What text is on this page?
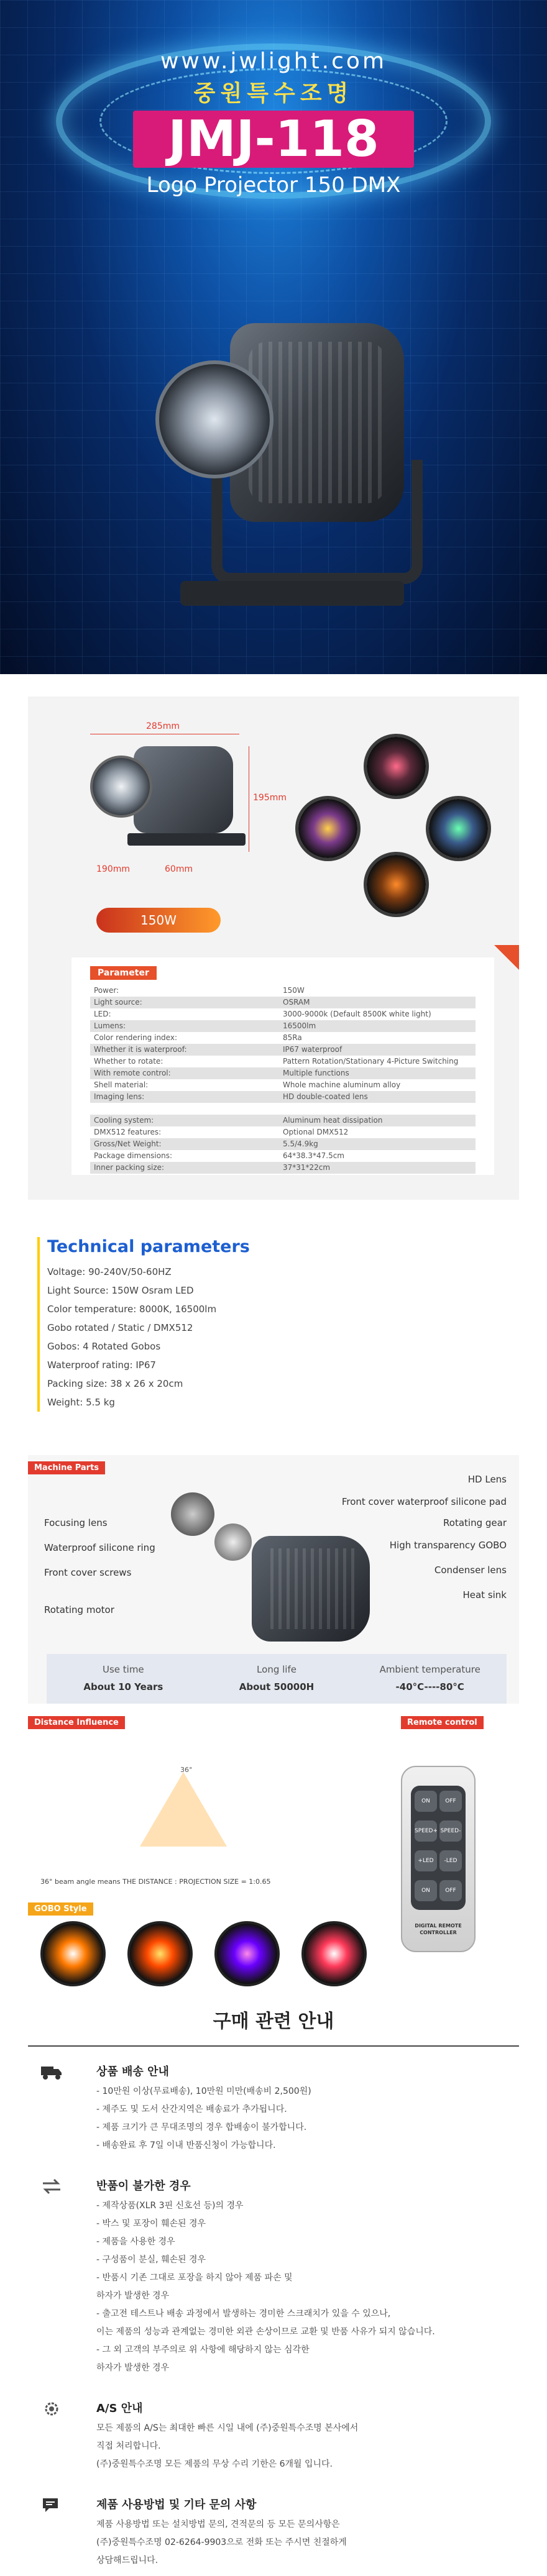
www.jwlight.com
중원특수조명
JMJ-118
Logo Projector 150 DMX
285mm
195mm
190mm	60mm
150W
Parameter
Power:	150W
Light source:	OSRAM
LED:	3000-9000k (Default 8500K white light)
Lumens:	16500lm
Color rendering index:	85Ra
Whether it is waterproof:	IP67 waterproof
Whether to rotate:	Pattern Rotation/Stationary 4-Picture Switching
With remote control:	Multiple functions
Shell material:	Whole machine aluminum alloy
Imaging lens:	HD double-coated lens
Cooling system:	Aluminum heat dissipation
DMX512 features:	Optional DMX512
Gross/Net Weight:	5.5/4.9kg
Package dimensions:	64*38.3*47.5cm
Inner packing size:	37*31*22cm
Technical parameters

Voltage: 90-240V/50-60HZ

Light Source: 150W Osram LED

Color temperature: 8000K, 16500lm

Gobo rotated / Static / DMX512

Gobos: 4 Rotated Gobos

Waterproof rating: IP67

Packing size: 38 x 26 x 20cm

Weight: 5.5 kg

Machine Parts
Focusing lens
Waterproof silicone ring
Front cover screws
Rotating motor
HD Lens
Front cover waterproof silicone pad
Rotating gear
High transparency GOBO
Condenser lens
Heat sink
Use time
About 10 Years
Long life
About 50000H
Ambient temperature
-40°C----80°C
Distance Influence
36°
36° beam angle means THE DISTANCE : PROJECTION SIZE = 1:0.65
GOBO Style
Remote control
ON	OFF
SPEED+ SPEED-
+LED	-LED
ON	OFF
DIGITAL REMOTE CONTROLLER
구매 관련 안내
상품 배송 안내

- 10만원 이상(무료배송), 10만원 미만(배송비 2,500원)

- 제주도 및 도서 산간지역은 배송료가 추가됩니다.

- 제품 크기가 큰 무대조명의 경우 합배송이 불가합니다.

- 배송완료 후 7일 이내 반품신청이 가능합니다.

반품이 불가한 경우

- 제작상품(XLR 3핀 신호선 등)의 경우

- 박스 및 포장이 훼손된 경우

- 제품을 사용한 경우

- 구성품이 분실, 훼손된 경우

- 반품시 기존 그대로 포장을 하지 않아 제품 파손 및

하자가 발생한 경우

- 출고전 테스트나 배송 과정에서 발생하는 경미한 스크래치가 있을 수 있으나,

이는 제품의 성능과 관계없는 경미한 외관 손상이므로 교환 및 반품 사유가 되지 않습니다.

- 그 외 고객의 부주의로 위 사항에 해당하지 않는 심각한

하자가 발생한 경우

A/S 안내

모든 제품의 A/S는 최대한 빠른 시일 내에 (주)중원특수조명 본사에서

직접 처리합니다.

(주)중원특수조명 모든 제품의 무상 수리 기한은 6개월 입니다.

제품 사용방법 및 기타 문의 사항

제품 사용방법 또는 설치방법 문의, 견적문의 등 모든 문의사항은

(주)중원특수조명 02-6264-9903으로 전화 또는 주시면 친절하게

상담해드립니다.
